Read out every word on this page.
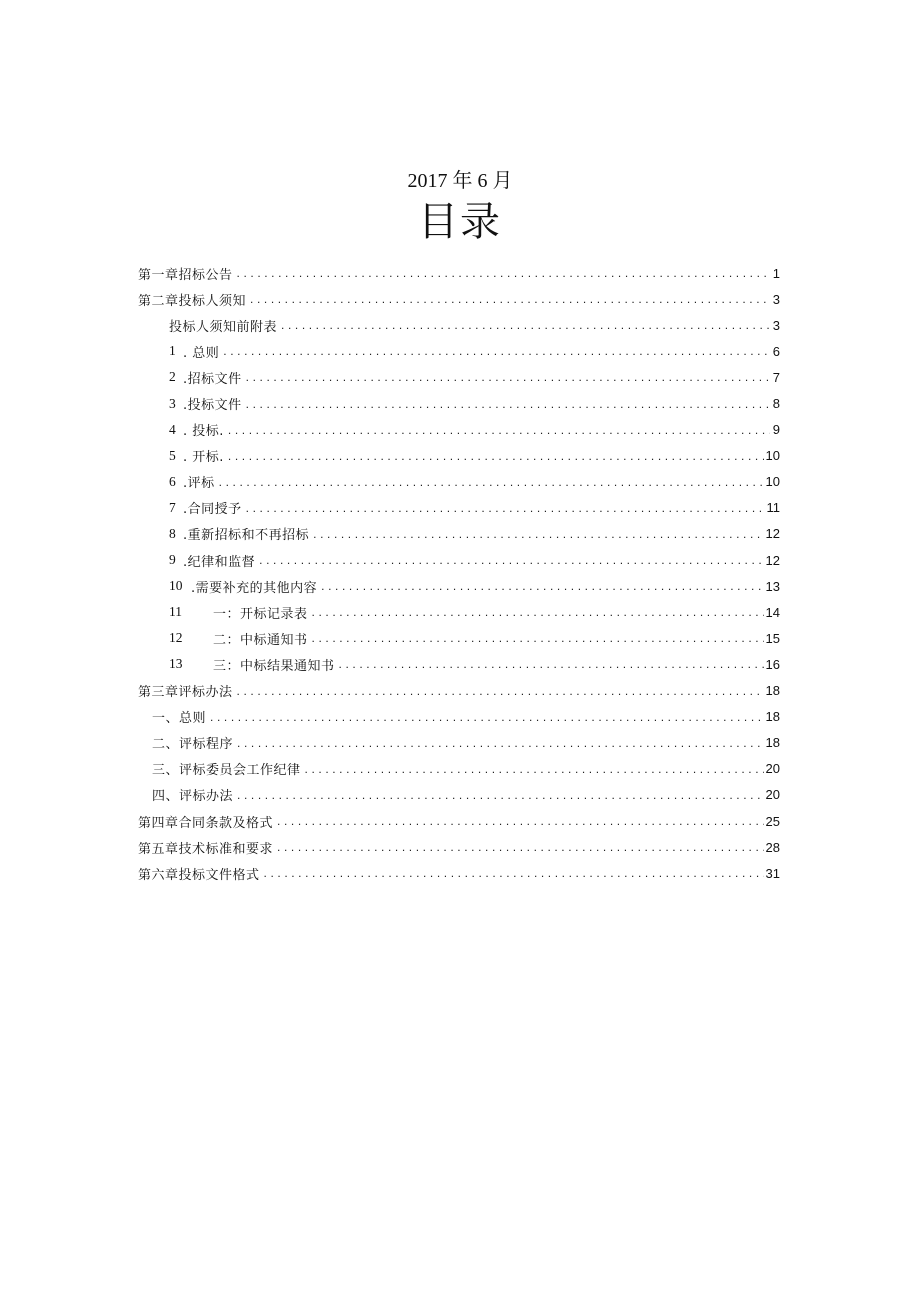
2017 年 6 月
目录
第一章招标公告 .....	1
第二章投标人须知 .....	3
投标人须知前附表 .....	3
1 . 总则 .....	6
2 .招标文件 .....	7
3 .投标文件 .....	8
4 . 投标. .....	9
5 . 开标. .....	10
6 .评标 .....	10
7 .合同授予 .....	11
8 .重新招标和不再招标 .....	12
9 .纪律和监督 .....	12
10 .需要补充的其他内容 .....	13
11	一：开标记录表 .....	14
12	二：中标通知书 .....	15
13	三：中标结果通知书 .....	16
第三章评标办法 .....	18
一、总则 .....	18
二、评标程序 .....	18
三、评标委员会工作纪律 .....	20
四、评标办法 .....	20
第四章合同条款及格式 .....	25
第五章技术标准和要求 .....	28
第六章投标文件格式 .....	31
